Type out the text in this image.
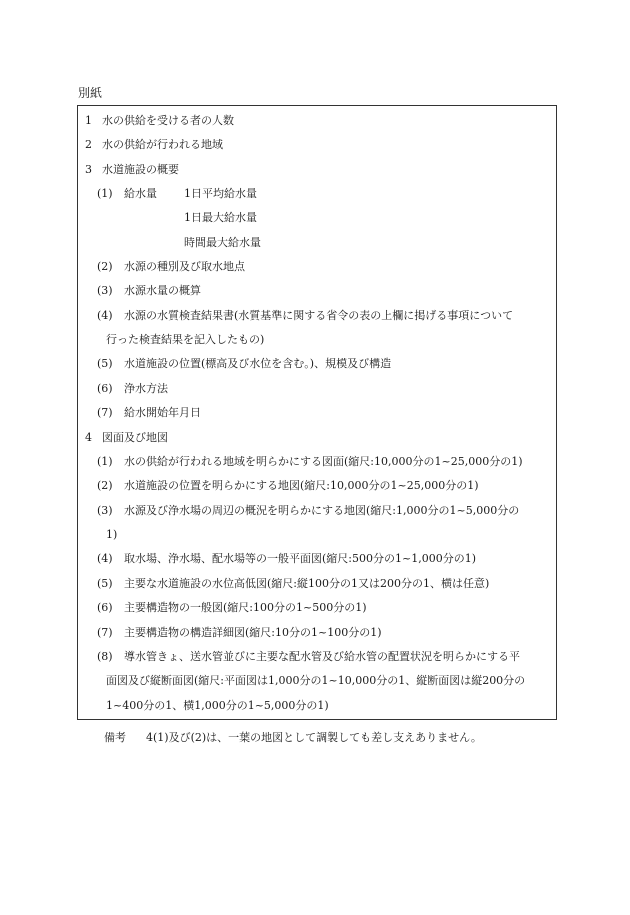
別紙
1 水の供給を受ける者の人数
2 水の供給が行われる地域
3 水道施設の概要
(1) 給水量 1日平均給水量
1日最大給水量
時間最大給水量
(2) 水源の種別及び取水地点
(3) 水源水量の概算
(4) 水源の水質検査結果書(水質基準に関する省令の表の上欄に掲げる事項について
行った検査結果を記入したもの)
(5) 水道施設の位置(標高及び水位を含む。)、規模及び構造
(6) 浄水方法
(7) 給水開始年月日
4 図面及び地図
(1) 水の供給が行われる地域を明らかにする図面(縮尺:10,000分の1~25,000分の1)
(2) 水道施設の位置を明らかにする地図(縮尺:10,000分の1~25,000分の1)
(3) 水源及び浄水場の周辺の概況を明らかにする地図(縮尺:1,000分の1~5,000分の
1)
(4) 取水場、浄水場、配水場等の一般平面図(縮尺:500分の1~1,000分の1)
(5) 主要な水道施設の水位高低図(縮尺:縦100分の1又は200分の1、横は任意)
(6) 主要構造物の一般図(縮尺:100分の1~500分の1)
(7) 主要構造物の構造詳細図(縮尺:10分の1~100分の1)
(8) 導水管きょ、送水管並びに主要な配水管及び給水管の配置状況を明らかにする平
面図及び縦断面図(縮尺:平面図は1,000分の1~10,000分の1、縦断面図は縦200分の
1~400分の1、横1,000分の1~5,000分の1)
備考 4(1)及び(2)は、一葉の地図として調製しても差し支えありません。
